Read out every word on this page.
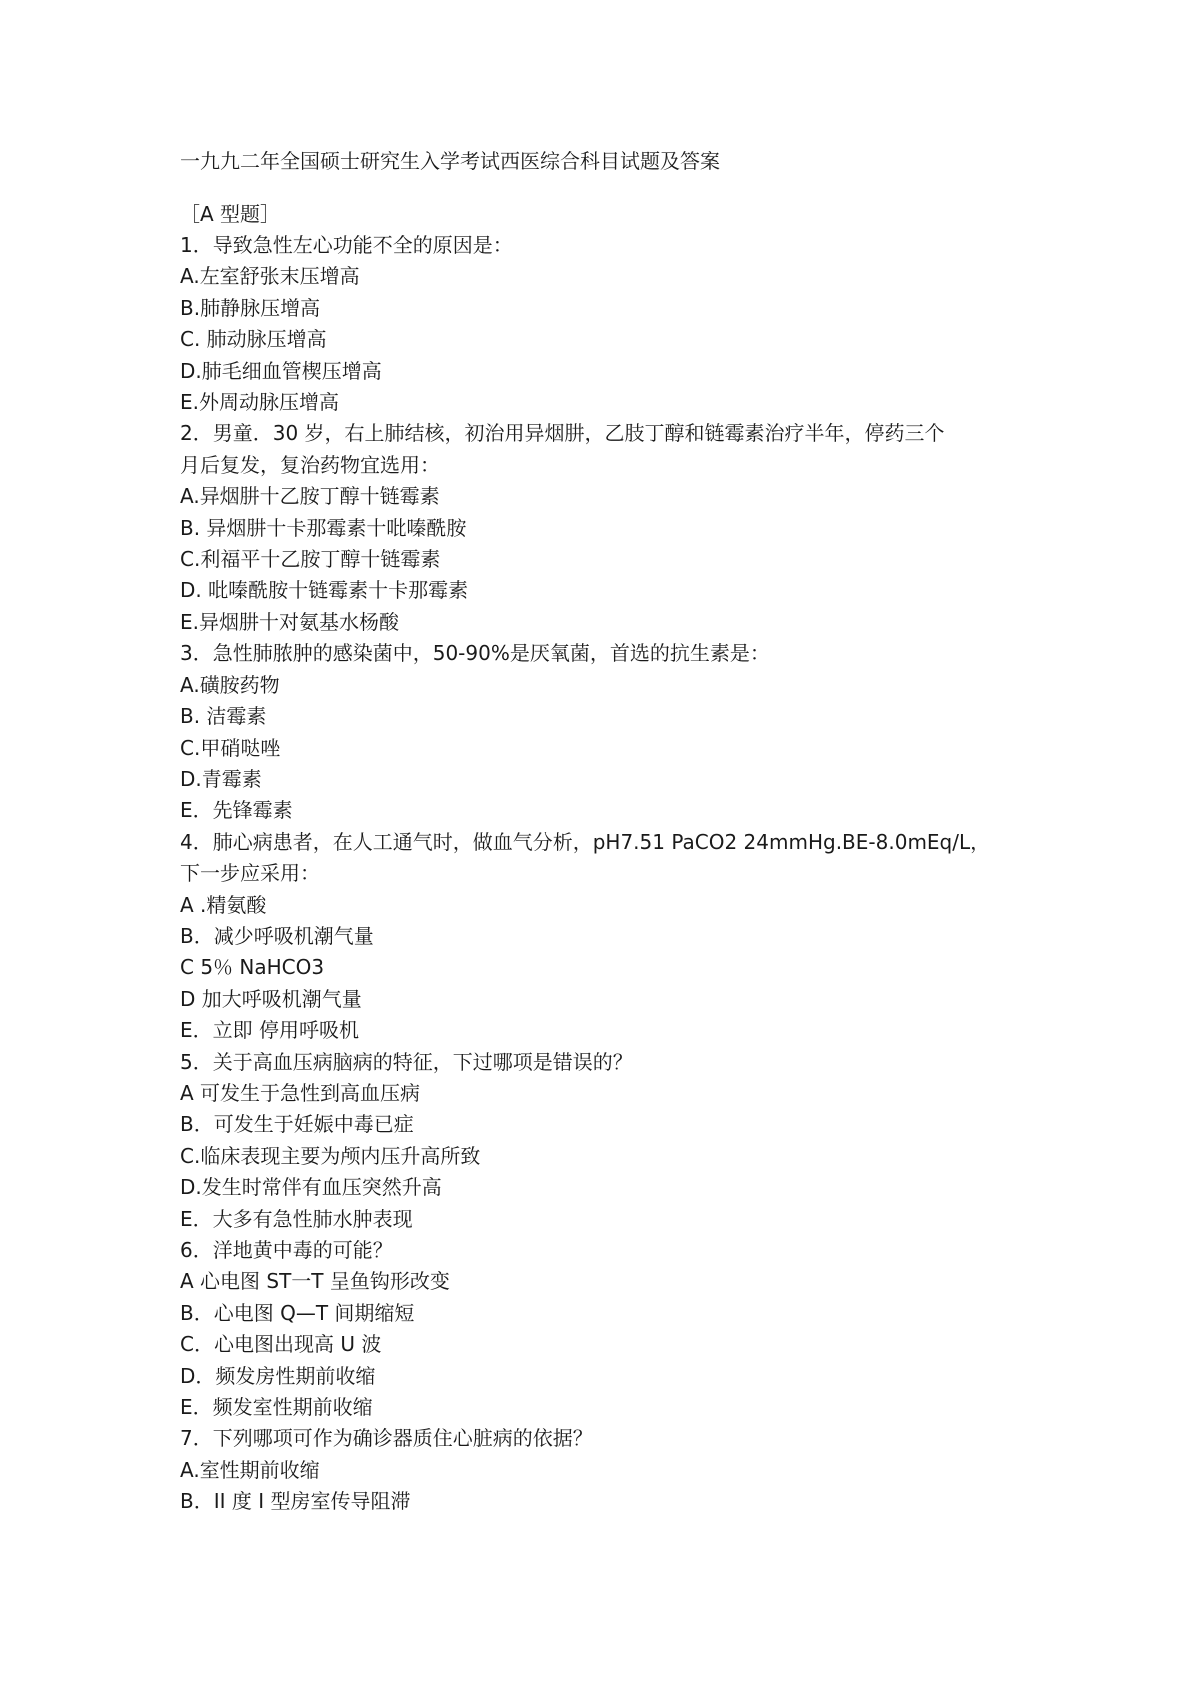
一九九二年全国硕士研究生入学考试西医综合科目试题及答案
［A 型题］
1．导致急性左心功能不全的原因是：
A.左室舒张末压增高
B.肺静脉压增高
C. 肺动脉压增高
D.肺毛细血管楔压增高
E.外周动脉压增高
2．男童．30 岁，右上肺结核，初治用异烟肼，乙肢丁醇和链霉素治疗半年，停药三个
月后复发，复治药物宜选用：
A.异烟肼十乙胺丁醇十链霉素
B. 异烟肼十卡那霉素十吡嗪酰胺
C.利福平十乙胺丁醇十链霉素
D. 吡嗪酰胺十链霉素十卡那霉素
E.异烟肼十对氨基水杨酸
3．急性肺脓肿的感染菌中，50-90%是厌氧菌，首选的抗生素是：
A.磺胺药物
B. 洁霉素
C.甲硝哒唑
D.青霉素
E．先锋霉素
4．肺心病患者，在人工通气时，做血气分析，pH7.51 PaCO2 24mmHg.BE-8.0mEq/L，
下一步应采用：
A .精氨酸
B．减少呼吸机潮气量
C 5％ NaHCO3
D 加大呼吸机潮气量
E．立即 停用呼吸机
5．关于高血压病脑病的特征，下过哪项是错误的？
A 可发生于急性到高血压病
B．可发生于妊娠中毒已症
C.临床表现主要为颅内压升高所致
D.发生时常伴有血压突然升高
E．大多有急性肺水肿表现
6．洋地黄中毒的可能？
A 心电图 ST一T 呈鱼钩形改变
B．心电图 Q—T 间期缩短
C．心电图出现高 U 波
D．频发房性期前收缩
E．频发室性期前收缩
7．下列哪项可作为确诊器质住心脏病的依据？
A.室性期前收缩
B．II 度 I 型房室传导阻滞
